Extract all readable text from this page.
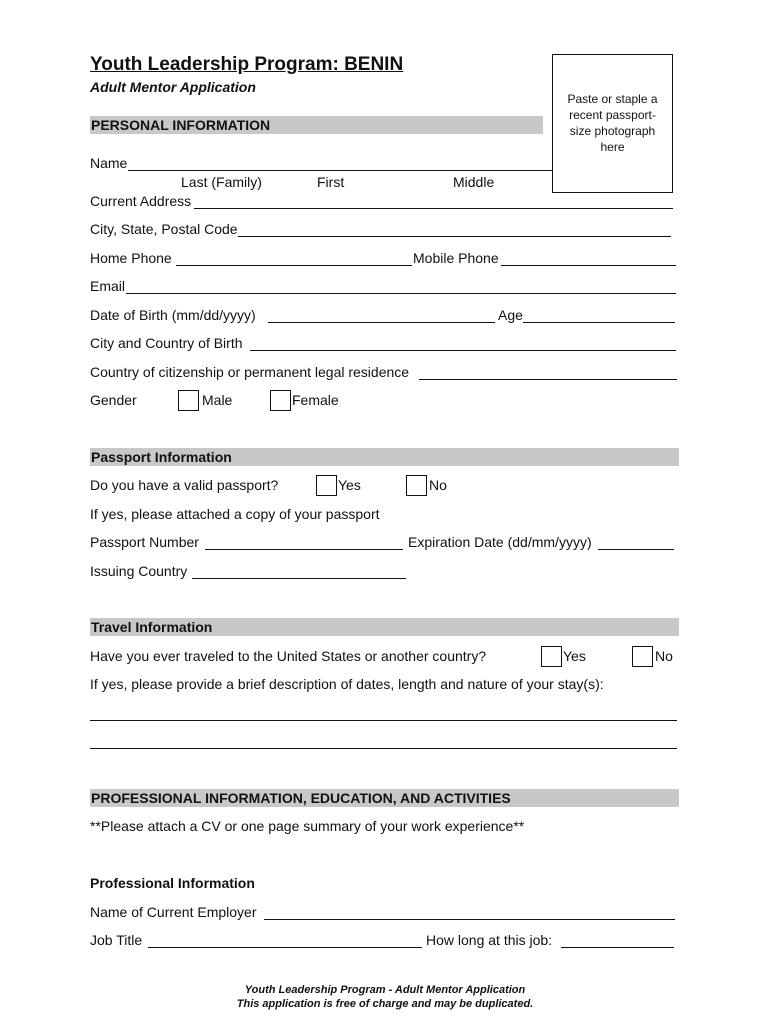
Youth Leadership Program: BENIN
Adult Mentor Application
Paste or staple a recent passport-size photograph here
PERSONAL INFORMATION
Name
Last (Family)	First	Middle
Current Address
City, State, Postal Code
Home Phone	Mobile Phone
Email
Date of Birth (mm/dd/yyyy)	Age
City and Country of Birth
Country of citizenship or permanent legal residence
Gender	Male	Female
Passport Information
Do you have a valid passport?	Yes	No
If yes, please attached a copy of your passport
Passport Number	Expiration Date (dd/mm/yyyy)
Issuing Country
Travel Information
Have you ever traveled to the United States or another country?	Yes	No
If yes, please provide a brief description of dates, length and nature of your stay(s):
PROFESSIONAL INFORMATION, EDUCATION, AND ACTIVITIES
**Please attach a CV or one page summary of your work experience**
Professional Information
Name of Current Employer
Job Title	How long at this job:
Youth Leadership Program - Adult Mentor Application
This application is free of charge and may be duplicated.
